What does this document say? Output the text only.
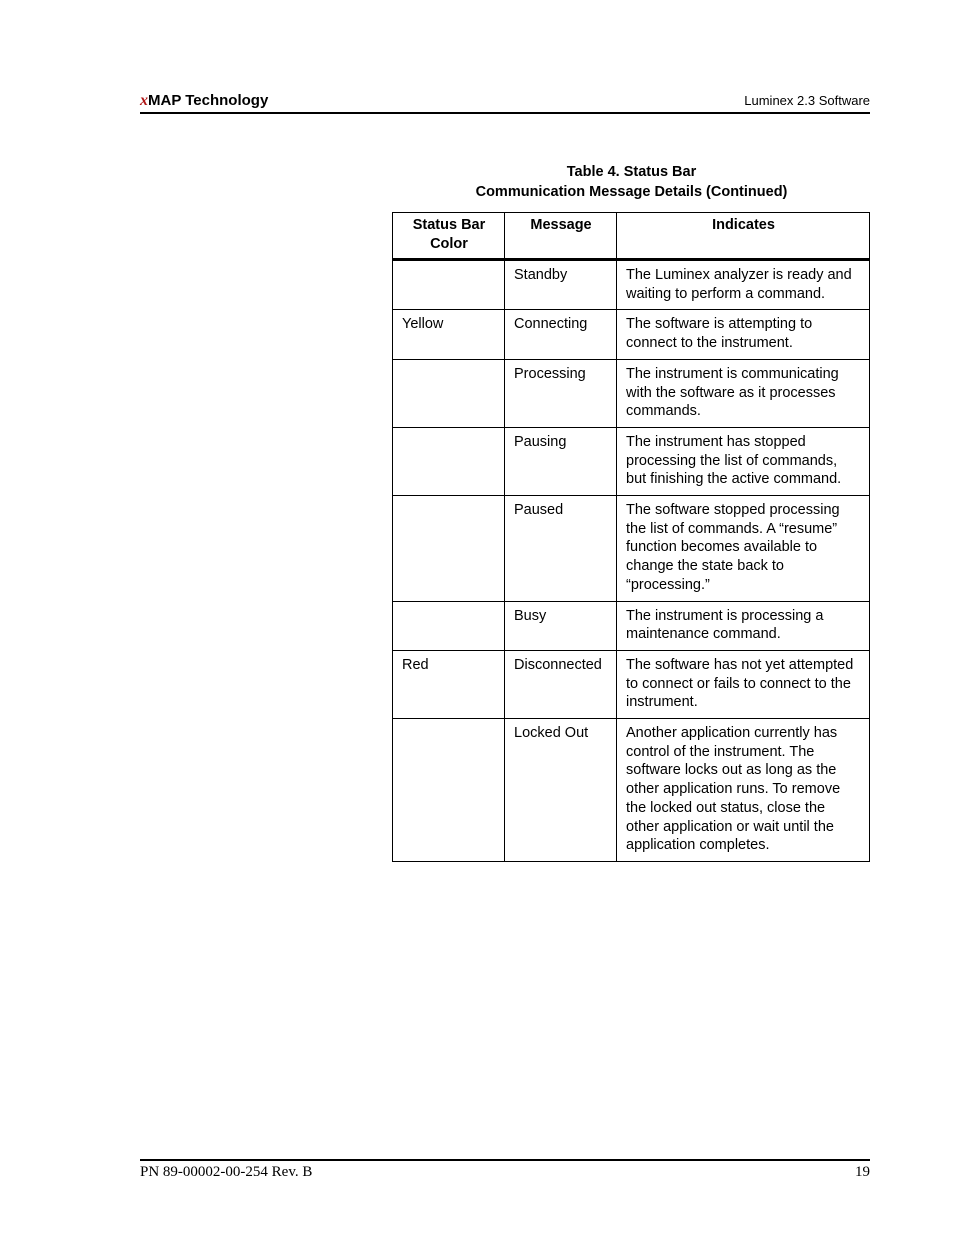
xMAP Technology	Luminex 2.3 Software
Table 4. Status Bar
Communication Message Details (Continued)
Status Bar Color	Message	Indicates

	Standby	The Luminex analyzer is ready and waiting to perform a command.
Yellow	Connecting	The software is attempting to connect to the instrument.
	Processing	The instrument is communicating with the software as it processes commands.
	Pausing	The instrument has stopped processing the list of commands, but finishing the active command.
	Paused	The software stopped processing the list of commands. A “resume” function becomes available to change the state back to “processing.”
	Busy	The instrument is processing a maintenance command.
Red	Disconnected	The software has not yet attempted to connect or fails to connect to the instrument.
	Locked Out	Another application currently has control of the instrument. The software locks out as long as the other application runs. To remove the locked out status, close the other application or wait until the application completes.
PN 89-00002-00-254 Rev. B	19
